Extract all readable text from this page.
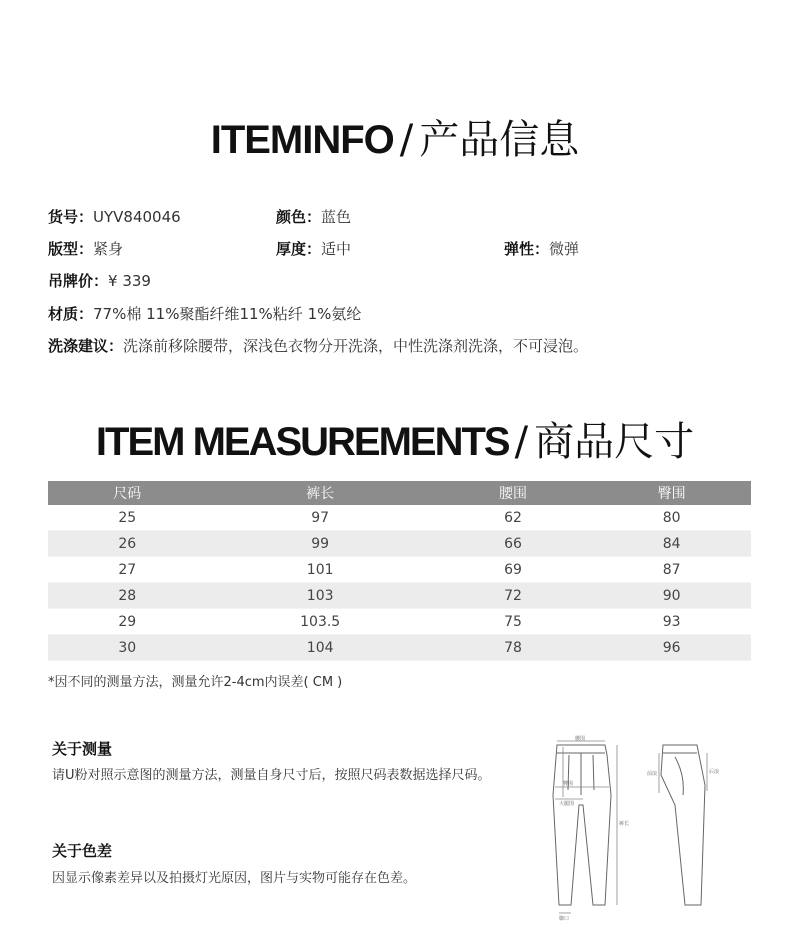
ITEMINFO / 产品信息
货号：UYV840046	颜色：蓝色
版型：紧身	厚度：适中	弹性：微弹
吊牌价：¥ 339
材质：77%棉 11%聚酯纤维11%粘纤 1%氨纶
洗涤建议：洗涤前移除腰带，深浅色衣物分开洗涤，中性洗涤剂洗涤，不可浸泡。
ITEM MEASUREMENTS / 商品尺寸
尺码	裤长	腰围	臀围
25	97	62	80
26	99	66	84
27	101	69	87
28	103	72	90
29	103.5	75	93
30	104	78	96
*因不同的测量方法，测量允许2-4cm内误差( CM )
关于测量
请U粉对照示意图的测量方法，测量自身尺寸后，按照尺码表数据选择尺码。
关于色差
因显示像素差异以及拍摄灯光原因，图片与实物可能存在色差。
腰围
臀围
大腿围
裤长
脚口
前浪	后浪
